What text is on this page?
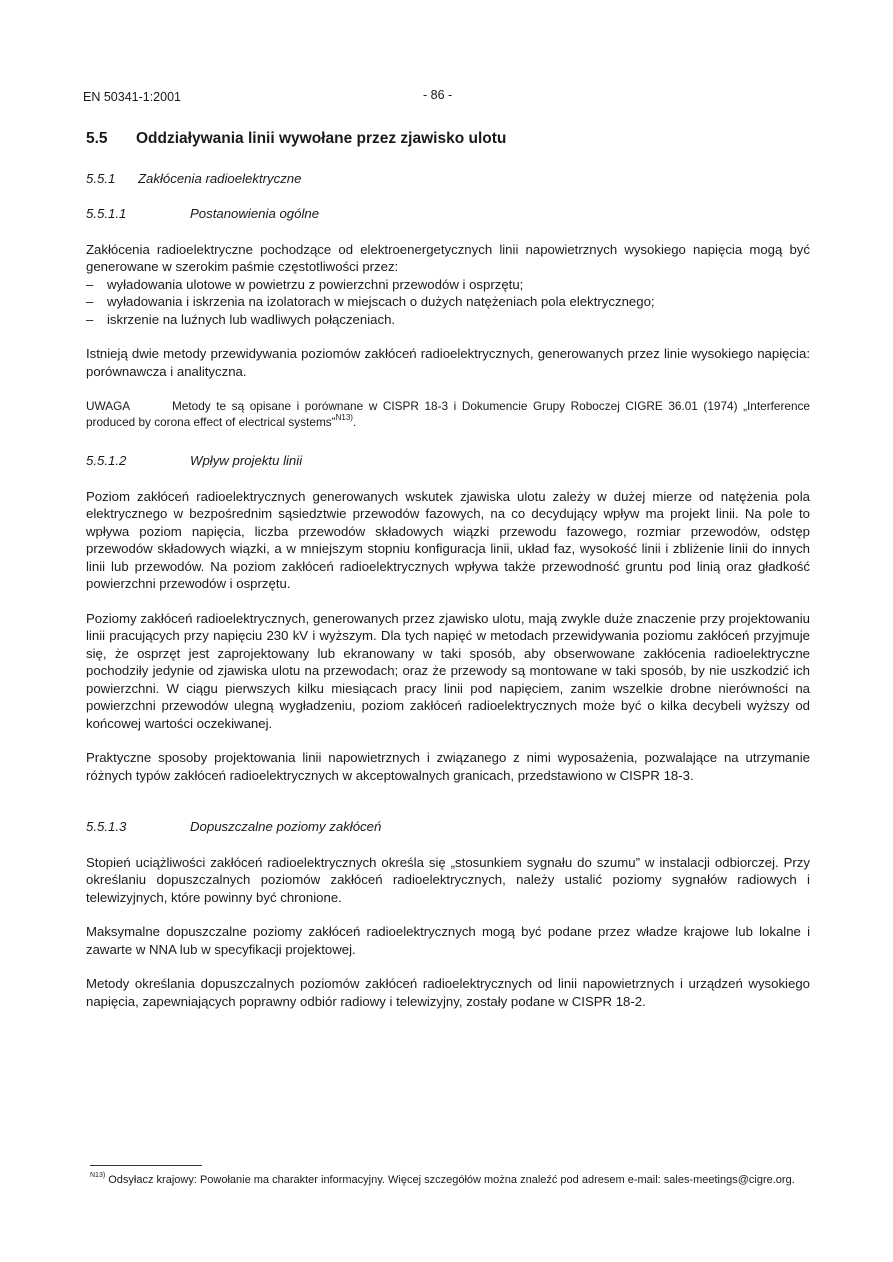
EN 50341-1:2001	- 86 -
5.5	Oddziaływania linii wywołane przez zjawisko ulotu
5.5.1	Zakłócenia radioelektryczne
5.5.1.1	Postanowienia ogólne

Zakłócenia radioelektryczne pochodzące od elektroenergetycznych linii napowietrznych wysokiego napięcia mogą być generowane w szerokim paśmie częstotliwości przez:

– wyładowania ulotowe w powietrzu z powierzchni przewodów i osprzętu;
– wyładowania i iskrzenia na izolatorach w miejscach o dużych natężeniach pola elektrycznego;
– iskrzenie na luźnych lub wadliwych połączeniach.

Istnieją dwie metody przewidywania poziomów zakłóceń radioelektrycznych, generowanych przez linie wysokiego napięcia: porównawcza i analityczna.

UWAGA	Metody te są opisane i porównane w CISPR 18-3 i Dokumencie Grupy Roboczej CIGRE 36.01 (1974) „Interference produced by corona effect of electrical systems”$^{N13)}$.

5.5.1.2	Wpływ projektu linii

Poziom zakłóceń radioelektrycznych generowanych wskutek zjawiska ulotu zależy w dużej mierze od natężenia pola elektrycznego w bezpośrednim sąsiedztwie przewodów fazowych, na co decydujący wpływ ma projekt linii. Na pole to wpływa poziom napięcia, liczba przewodów składowych wiązki przewodu fazowego, rozmiar przewodów, odstęp przewodów składowych wiązki, a w mniejszym stopniu konfiguracja linii, układ faz, wysokość linii i zbliżenie linii do innych linii lub przewodów. Na poziom zakłóceń radioelektrycznych wpływa także przewodność gruntu pod linią oraz gładkość powierzchni przewodów i osprzętu.

Poziomy zakłóceń radioelektrycznych, generowanych przez zjawisko ulotu, mają zwykle duże znaczenie przy projektowaniu linii pracujących przy napięciu 230 kV i wyższym. Dla tych napięć w metodach przewidywania poziomu zakłóceń przyjmuje się, że osprzęt jest zaprojektowany lub ekranowany w taki sposób, aby obserwowane zakłócenia radioelektryczne pochodziły jedynie od zjawiska ulotu na przewodach; oraz że przewody są montowane w taki sposób, by nie uszkodzić ich powierzchni. W ciągu pierwszych kilku miesiącach pracy linii pod napięciem, zanim wszelkie drobne nierówności na powierzchni przewodów ulegną wygładzeniu, poziom zakłóceń radioelektrycznych może być o kilka decybeli wyższy od końcowej wartości oczekiwanej.

Praktyczne sposoby projektowania linii napowietrznych i związanego z nimi wyposażenia, pozwalające na utrzymanie różnych typów zakłóceń radioelektrycznych w akceptowalnych granicach, przedstawiono w CISPR 18-3.

5.5.1.3	Dopuszczalne poziomy zakłóceń

Stopień uciążliwości zakłóceń radioelektrycznych określa się „stosunkiem sygnału do szumu” w instalacji odbiorczej. Przy określaniu dopuszczalnych poziomów zakłóceń radioelektrycznych, należy ustalić poziomy sygnałów radiowych i telewizyjnych, które powinny być chronione.

Maksymalne dopuszczalne poziomy zakłóceń radioelektrycznych mogą być podane przez władze krajowe lub lokalne i zawarte w NNA lub w specyfikacji projektowej.

Metody określania dopuszczalnych poziomów zakłóceń radioelektrycznych od linii napowietrznych i urządzeń wysokiego napięcia, zapewniających poprawny odbiór radiowy i telewizyjny, zostały podane w CISPR 18-2.

$^{N13)}$ Odsyłacz krajowy: Powołanie ma charakter informacyjny. Więcej szczegółów można znaleźć pod adresem e-mail: sales-meetings@cigre.org.
